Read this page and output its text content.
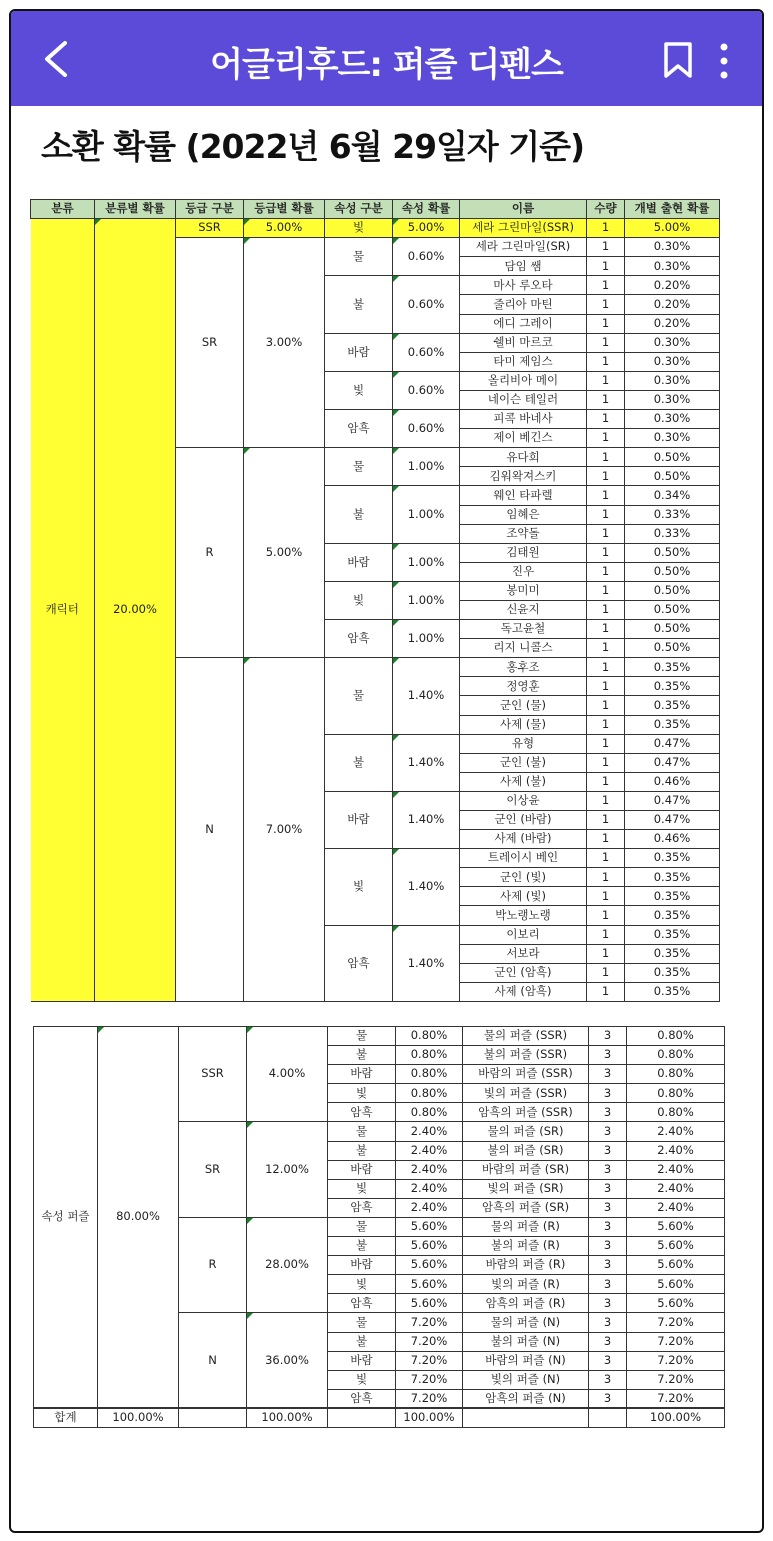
어글리후드: 퍼즐 디펜스
소환 확률 (2022년 6월 29일자 기준)
분류	분류별 확률	등급 구분	등급별 확률	속성 구분	속성 확률	이름	수량	개별 출현 확률
캐릭터	20.00%	SSR	5.00%	빛	5.00%	세라 그린마일(SSR)	1	5.00%
		SR	3.00%	물	0.60%	세라 그린마일(SR)	1	0.30%
						담임 쌤	1	0.30%
				불	0.60%	마사 루오타	1	0.20%
						줄리아 마틴	1	0.20%
						에디 그레이	1	0.20%
				바람	0.60%	쉘비 마르코	1	0.30%
						타미 제임스	1	0.30%
				빛	0.60%	올리비아 메이	1	0.30%
						네이슨 테일러	1	0.30%
				암흑	0.60%	피콕 바네사	1	0.30%
						제이 베긴스	1	0.30%
		R	5.00%	물	1.00%	유다희	1	0.50%
						김워왁져스키	1	0.50%
				불	1.00%	웨인 타파렐	1	0.34%
						임혜은	1	0.33%
						조약돌	1	0.33%
				바람	1.00%	김태원	1	0.50%
						진우	1	0.50%
				빛	1.00%	봉미미	1	0.50%
						신윤지	1	0.50%
				암흑	1.00%	독고윤철	1	0.50%
						리지 니콜스	1	0.50%
		N	7.00%	물	1.40%	홍후조	1	0.35%
						정영훈	1	0.35%
						군인 (물)	1	0.35%
						사제 (물)	1	0.35%
				불	1.40%	유형	1	0.47%
						군인 (불)	1	0.47%
						사제 (불)	1	0.46%
				바람	1.40%	이상윤	1	0.47%
						군인 (바람)	1	0.47%
						사제 (바람)	1	0.46%
				빛	1.40%	트레이시 베인	1	0.35%
						군인 (빛)	1	0.35%
						사제 (빛)	1	0.35%
						박노랭노랭	1	0.35%
				암흑	1.40%	이보리	1	0.35%
						서보라	1	0.35%
						군인 (암흑)	1	0.35%
						사제 (암흑)	1	0.35%
속성 퍼즐	80.00%	SSR	4.00%	물	0.80%	물의 퍼즐 (SSR)	3	0.80%
				불	0.80%	불의 퍼즐 (SSR)	3	0.80%
				바람	0.80%	바람의 퍼즐 (SSR)	3	0.80%
				빛	0.80%	빛의 퍼즐 (SSR)	3	0.80%
				암흑	0.80%	암흑의 퍼즐 (SSR)	3	0.80%
		SR	12.00%	물	2.40%	물의 퍼즐 (SR)	3	2.40%
				불	2.40%	불의 퍼즐 (SR)	3	2.40%
				바람	2.40%	바람의 퍼즐 (SR)	3	2.40%
				빛	2.40%	빛의 퍼즐 (SR)	3	2.40%
				암흑	2.40%	암흑의 퍼즐 (SR)	3	2.40%
		R	28.00%	물	5.60%	물의 퍼즐 (R)	3	5.60%
				불	5.60%	불의 퍼즐 (R)	3	5.60%
				바람	5.60%	바람의 퍼즐 (R)	3	5.60%
				빛	5.60%	빛의 퍼즐 (R)	3	5.60%
				암흑	5.60%	암흑의 퍼즐 (R)	3	5.60%
		N	36.00%	물	7.20%	물의 퍼즐 (N)	3	7.20%
				불	7.20%	불의 퍼즐 (N)	3	7.20%
				바람	7.20%	바람의 퍼즐 (N)	3	7.20%
				빛	7.20%	빛의 퍼즐 (N)	3	7.20%
				암흑	7.20%	암흑의 퍼즐 (N)	3	7.20%
합계	100.00%		100.00%		100.00%			100.00%
